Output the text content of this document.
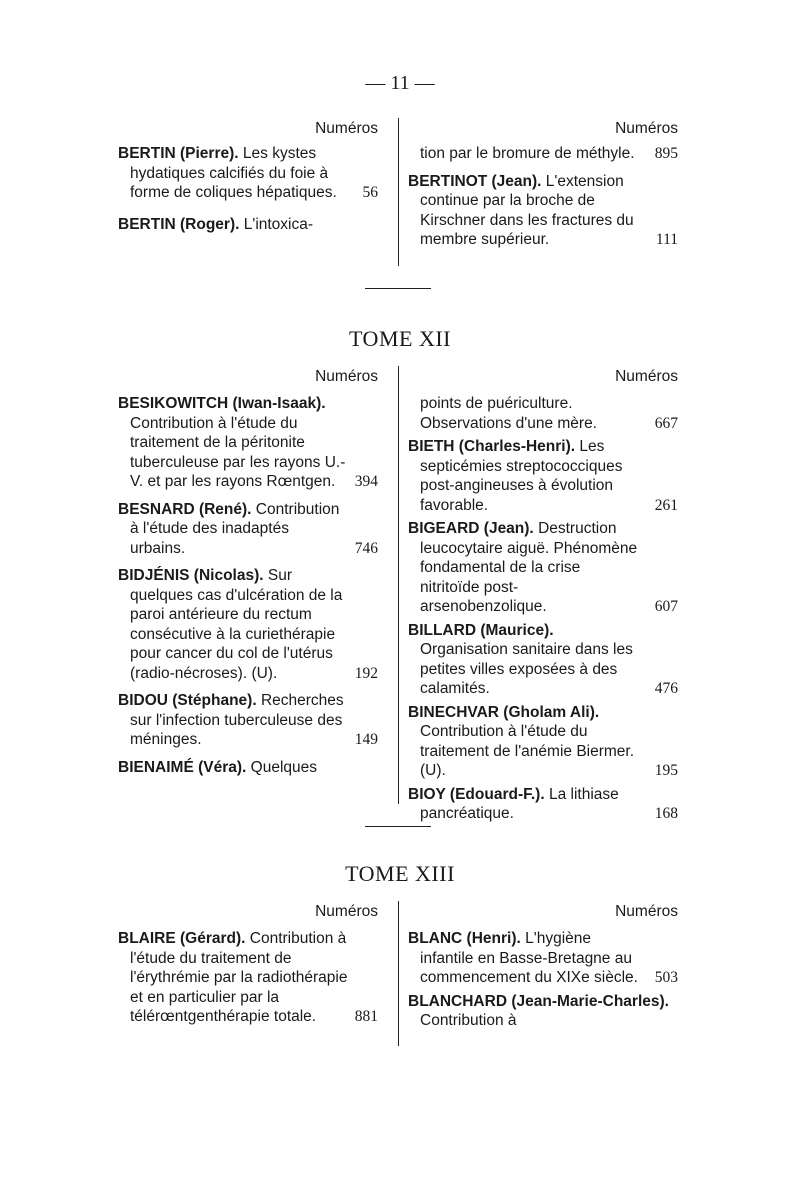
— 11 —
Numéros
BERTIN (Pierre). Les kystes hydatiques calcifiés du foie à forme de coliques hépatiques. 56
BERTIN (Roger). L'intoxica-
Numéros
tion par le bromure de méthyle. 895
BERTINOT (Jean). L'extension continue par la broche de Kirschner dans les fractures du membre supérieur.	111
TOME XII
Numéros
BESIKOWITCH (Iwan-Isaak). Contribution à l'étude du traitement de la péritonite tuberculeuse par les rayons U.-V. et par les rayons Rœntgen. 394
BESNARD (René). Contribution à l'étude des inadaptés urbains.	746
BIDJÉNIS (Nicolas). Sur quelques cas d'ulcération de la paroi antérieure du rectum consécutive à la curiethérapie pour cancer du col de l'utérus (radio-nécroses). (U).	192
BIDOU (Stéphane). Recherches sur l'infection tuberculeuse des méninges.	149
BIENAIMÉ (Véra). Quelques
Numéros
points de puériculture. Observations d'une mère.	667
BIETH (Charles-Henri). Les septicémies streptococciques post-angineuses à évolution favorable.	261
BIGEARD (Jean). Destruction leucocytaire aiguë. Phénomène fondamental de la crise nitritoïde post-arsenobenzolique.	607
BILLARD (Maurice). Organisation sanitaire dans les petites villes exposées à des calamités.	476
BINECHVAR (Gholam Ali). Contribution à l'étude du traitement de l'anémie Biermer. (U).	195
BIOY (Edouard-F.). La lithiase pancréatique.	168
TOME XIII
Numéros
BLAIRE (Gérard). Contribution à l'étude du traitement de l'érythrémie par la radiothérapie et en particulier par la télérœntgenthérapie totale. 881
Numéros
BLANC (Henri). L'hygiène infantile en Basse-Bretagne au commencement du XIXe siècle. 503
BLANCHARD (Jean-Marie-Charles). Contribution à
